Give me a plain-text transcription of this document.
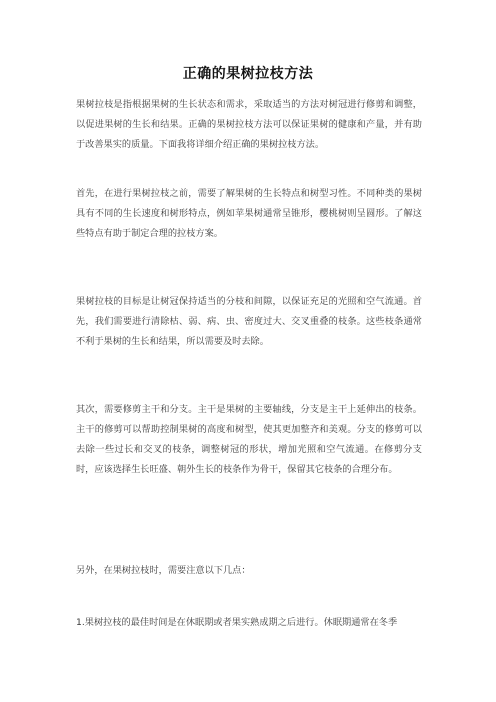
正确的果树拉枝方法
果树拉枝是指根据果树的生长状态和需求，采取适当的方法对树冠进行修剪和调整，以促进果树的生长和结果。正确的果树拉枝方法可以保证果树的健康和产量，并有助于改善果实的质量。下面我将详细介绍正确的果树拉枝方法。
首先，在进行果树拉枝之前，需要了解果树的生长特点和树型习性。不同种类的果树具有不同的生长速度和树形特点，例如苹果树通常呈锥形，樱桃树则呈圆形。了解这些特点有助于制定合理的拉枝方案。
果树拉枝的目标是让树冠保持适当的分枝和间隙，以保证充足的光照和空气流通。首先，我们需要进行清除枯、弱、病、虫、密度过大、交叉重叠的枝条。这些枝条通常不利于果树的生长和结果，所以需要及时去除。
其次，需要修剪主干和分支。主干是果树的主要轴线，分支是主干上延伸出的枝条。主干的修剪可以帮助控制果树的高度和树型，使其更加整齐和美观。分支的修剪可以去除一些过长和交叉的枝条，调整树冠的形状，增加光照和空气流通。在修剪分支时，应该选择生长旺盛、朝外生长的枝条作为骨干，保留其它枝条的合理分布。
另外，在果树拉枝时，需要注意以下几点：
1.果树拉枝的最佳时间是在休眠期或者果实熟成期之后进行。休眠期通常在冬季
